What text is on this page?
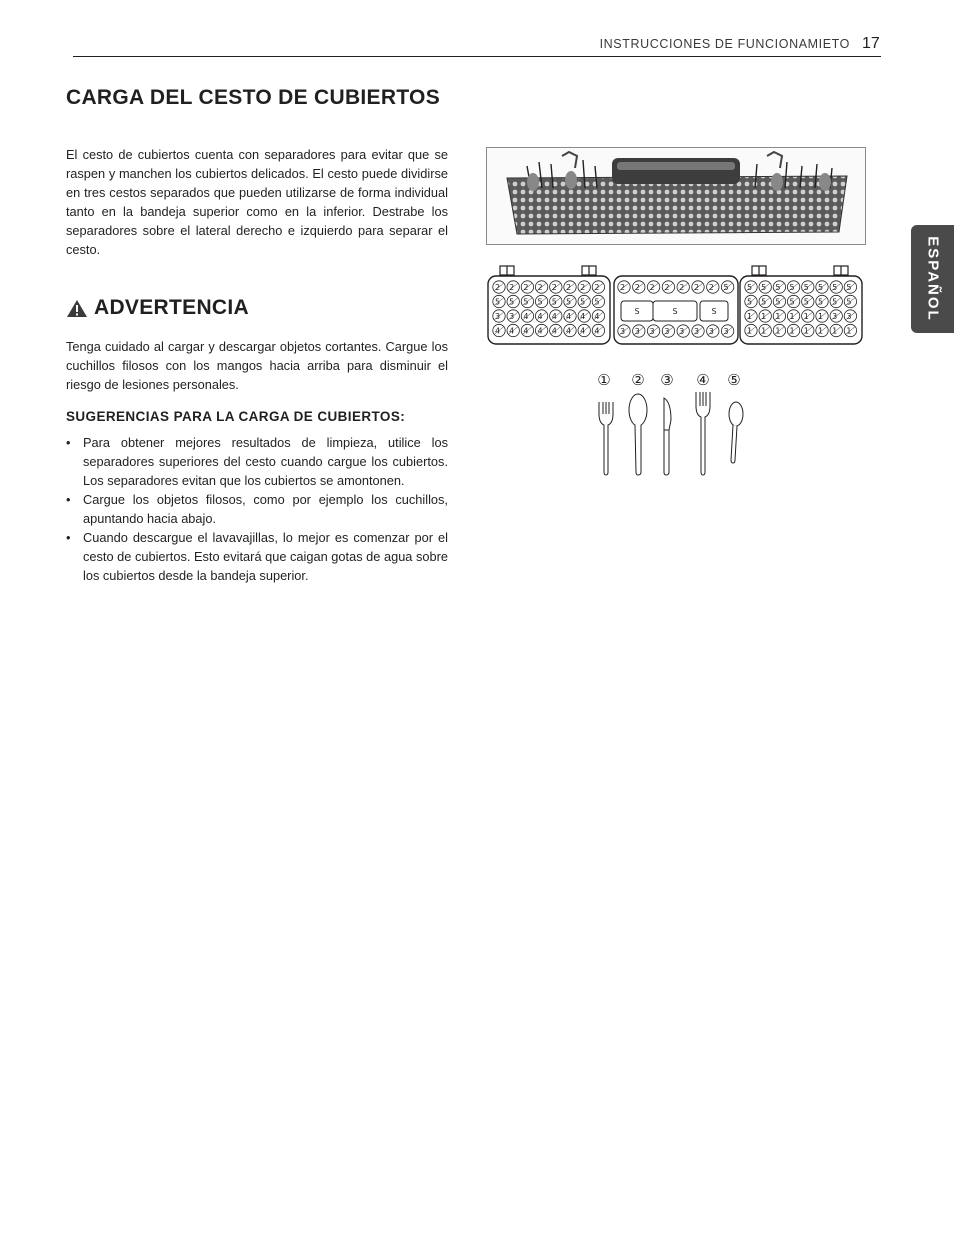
INSTRUCCIONES DE FUNCIONAMIETO 17
CARGA DEL CESTO DE CUBIERTOS

El cesto de cubiertos cuenta con separadores para evitar que se raspen y manchen los cubiertos delicados. El cesto puede dividirse en tres cestos separados que pueden utilizarse de forma individual tanto en la bandeja superior como en la inferior. Destrabe los separadores sobre el lateral derecho e izquierdo para separar el cesto.

ADVERTENCIA

Tenga cuidado al cargar y descargar objetos cortantes. Cargue los cuchillos filosos con los mangos hacia arriba para disminuir el riesgo de lesiones personales.

SUGERENCIAS PARA LA CARGA DE CUBIERTOS:
• Para obtener mejores resultados de limpieza, utilice los separadores superiores del cesto cuando cargue los cubiertos. Los separadores evitan que los cubiertos se amontonen.
• Cargue los objetos filosos, como por ejemplo los cuchillos, apuntando hacia abajo.
• Cuando descargue el lavavajillas, lo mejor es comenzar por el cesto de cubiertos. Esto evitará que caigan gotas de agua sobre los cubiertos desde la bandeja superior.
2 2 2 2 2 2 2 2
5 5 5 5 5 5 5 5
3 3 4 4 4 4 4 4
4 4 4 4 4 4 4 4
5 5 5 5 5 5 5 5
5 5 5 5 5 5 5 5
1 1 1 1 1 1 3 3
1 1 1 1 1 1 1 1
2 2 2 2 2 2 2 5
3 3 3 3 3 3 3 3
S	S	S
① ② ③ ④ ⑤
ESPAÑOL
